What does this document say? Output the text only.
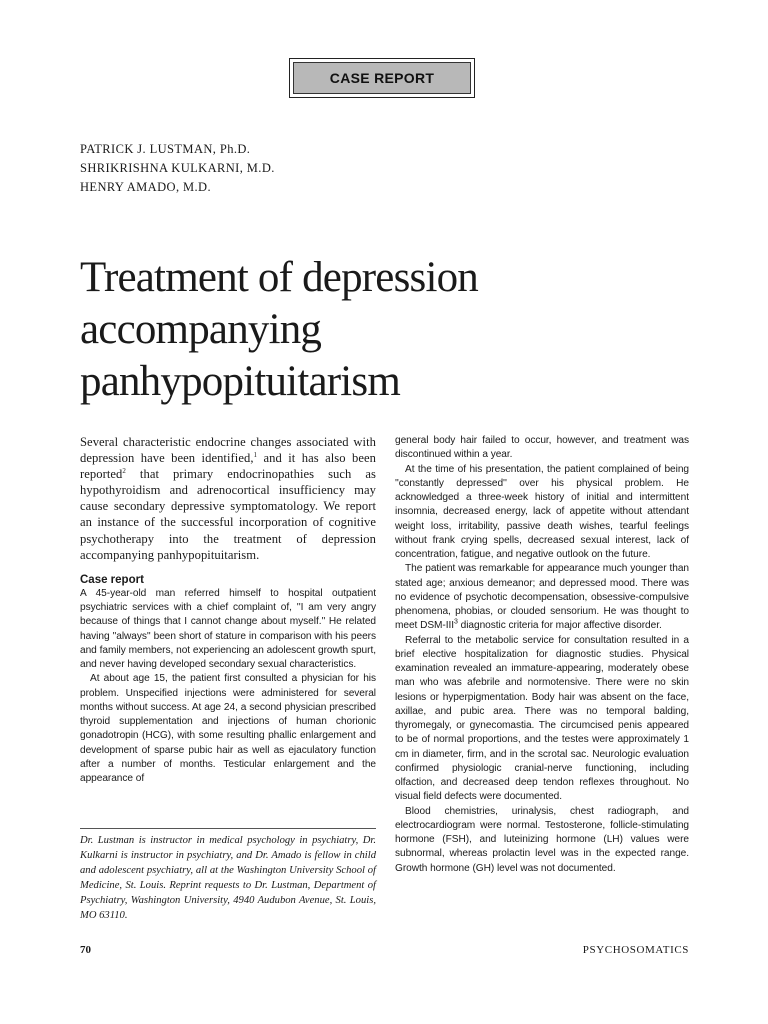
CASE REPORT
PATRICK J. LUSTMAN, Ph.D.
SHRIKRISHNA KULKARNI, M.D.
HENRY AMADO, M.D.
Treatment of depression accompanying panhypopituitarism

Several characteristic endocrine changes associated with depression have been identified,$^1$ and it has also been reported$^2$ that primary endocrinopathies such as hypothyroidism and adrenocortical insufficiency may cause secondary depressive symptomatology. We report an instance of the successful incorporation of cognitive psychotherapy into the treatment of depression accompanying panhypopituitarism.

Case report

A 45-year-old man referred himself to hospital outpatient psychiatric services with a chief complaint of, ''I am very angry because of things that I cannot change about myself.'' He related having ''always'' been short of stature in comparison with his peers and family members, not experiencing an adolescent growth spurt, and never having developed secondary sexual characteristics.

At about age 15, the patient first consulted a physician for his problem. Unspecified injections were administered for several months without success. At age 24, a second physician prescribed thyroid supplementation and injections of human chorionic gonadotropin (HCG), with some resulting phallic enlargement and development of sparse pubic hair as well as ejaculatory function after a number of months. Testicular enlargement and the appearance of

Dr. Lustman is instructor in medical psychology in psychiatry, Dr. Kulkarni is instructor in psychiatry, and Dr. Amado is fellow in child and adolescent psychiatry, all at the Washington University School of Medicine, St. Louis. Reprint requests to Dr. Lustman, Department of Psychiatry, Washington University, 4940 Audubon Avenue, St. Louis, MO 63110.

general body hair failed to occur, however, and treatment was discontinued within a year.

At the time of his presentation, the patient complained of being ''constantly depressed'' over his physical problem. He acknowledged a three-week history of initial and intermittent insomnia, decreased energy, lack of appetite without attendant weight loss, irritability, passive death wishes, tearful feelings without frank crying spells, decreased sexual interest, lack of concentration, fatigue, and negative outlook on the future.

The patient was remarkable for appearance much younger than stated age; anxious demeanor; and depressed mood. There was no evidence of psychotic decompensation, obsessive-compulsive phenomena, phobias, or clouded sensorium. He was thought to meet DSM-III$^3$ diagnostic criteria for major affective disorder.

Referral to the metabolic service for consultation resulted in a brief elective hospitalization for diagnostic studies. Physical examination revealed an immature-appearing, moderately obese man who was afebrile and normotensive. There were no skin lesions or hyperpigmentation. Body hair was absent on the face, axillae, and pubic area. There was no temporal balding, thyromegaly, or gynecomastia. The circumcised penis appeared to be of normal proportions, and the testes were approximately 1 cm in diameter, firm, and in the scrotal sac. Neurologic evaluation confirmed physiologic cranial-nerve functioning, including olfaction, and decreased deep tendon reflexes throughout. No visual field defects were documented.

Blood chemistries, urinalysis, chest radiograph, and electrocardiogram were normal. Testosterone, follicle-stimulating hormone (FSH), and luteinizing hormone (LH) values were subnormal, whereas prolactin level was in the expected range. Growth hormone (GH) level was not documented.

70	PSYCHOSOMATICS
